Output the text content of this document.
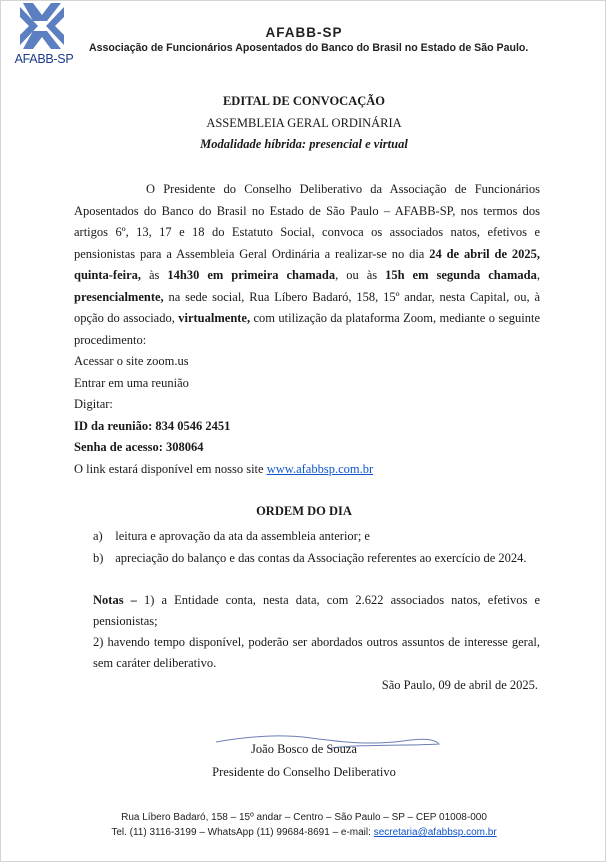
AFABB-SP
AFABB-SP
Associação de Funcionários Aposentados do Banco do Brasil no Estado de São Paulo.
EDITAL DE CONVOCAÇÃO
ASSEMBLEIA GERAL ORDINÁRIA
Modalidade híbrida: presencial e virtual

O Presidente do Conselho Deliberativo da Associação de Funcionários Aposentados do Banco do Brasil no Estado de São Paulo – AFABB-SP, nos termos dos artigos 6º, 13, 17 e 18 do Estatuto Social, convoca os associados natos, efetivos e pensionistas para a Assembleia Geral Ordinária a realizar-se no dia 24 de abril de 2025, quinta-feira, às 14h30 em primeira chamada, ou às 15h em segunda chamada, presencialmente, na sede social, Rua Líbero Badaró, 158, 15º andar, nesta Capital, ou, à opção do associado, virtualmente, com utilização da plataforma Zoom, mediante o seguinte procedimento:

Acessar o site zoom.us
Entrar em uma reunião
Digitar:
ID da reunião: 834 0546 2451
Senha de acesso: 308064
O link estará disponível em nosso site www.afabbsp.com.br
ORDEM DO DIA
a)
	leitura e aprovação da ata da assembleia anterior; e
b)
apreciação do balanço e das contas da Associação referentes ao exercício de 2024.

Notas – 1) a Entidade conta, nesta data, com 2.622 associados natos, efetivos e pensionistas;

2) havendo tempo disponível, poderão ser abordados outros assuntos de interesse geral, sem caráter deliberativo.

São Paulo, 09 de abril de 2025.
João Bosco de Souza
Presidente do Conselho Deliberativo
Rua Líbero Badaró, 158 – 15º andar – Centro – São Paulo – SP – CEP 01008-000
Tel. (11) 3116-3199 – WhatsApp (11) 99684-8691 – e-mail: secretaria@afabbsp.com.br
